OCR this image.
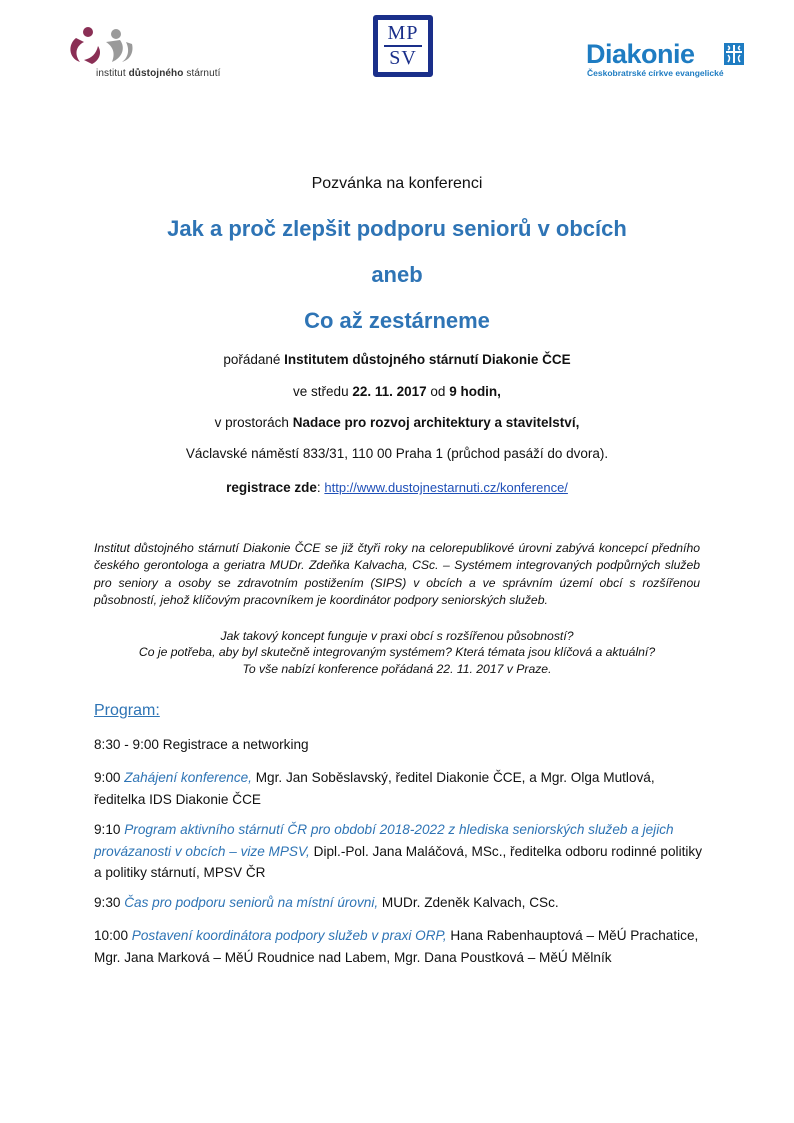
institut důstojného stárnutí
MP
SV	Diakonie
Českobratrské církve evangelické
Pozvánka na konferenci
Jak a proč zlepšit podporu seniorů v obcích
aneb
Co až zestárneme
pořádané Institutem důstojného stárnutí Diakonie ČCE
ve středu 22. 11. 2017 od 9 hodin,
v prostorách Nadace pro rozvoj architektury a stavitelství,
Václavské náměstí 833/31, 110 00 Praha 1 (průchod pasáží do dvora).
registrace zde: http://www.dustojnestarnuti.cz/konference/
Institut důstojného stárnutí Diakonie ČCE se již čtyři roky na celorepublikové úrovni zabývá koncepcí předního českého gerontologa a geriatra MUDr. Zdeňka Kalvacha, CSc. – Systémem integrovaných podpůrných služeb pro seniory a osoby se zdravotním postižením (SIPS) v obcích a ve správním území obcí s rozšířenou působností, jehož klíčovým pracovníkem je koordinátor podpory seniorských služeb.
Jak takový koncept funguje v praxi obcí s rozšířenou působností?
Co je potřeba, aby byl skutečně integrovaným systémem? Která témata jsou klíčová a aktuální?
To vše nabízí konference pořádaná 22. 11. 2017 v Praze.
Program:
8:30 - 9:00 Registrace a networking
9:00 Zahájení konference, Mgr. Jan Soběslavský, ředitel Diakonie ČCE, a Mgr. Olga Mutlová, ředitelka IDS Diakonie ČCE
9:10 Program aktivního stárnutí ČR pro období 2018-2022 z hlediska seniorských služeb a jejich provázanosti v obcích – vize MPSV, Dipl.-Pol. Jana Maláčová, MSc., ředitelka odboru rodinné politiky a politiky stárnutí, MPSV ČR
9:30 Čas pro podporu seniorů na místní úrovni, MUDr. Zdeněk Kalvach, CSc.
10:00 Postavení koordinátora podpory služeb v praxi ORP, Hana Rabenhauptová – MěÚ Prachatice, Mgr. Jana Marková – MěÚ Roudnice nad Labem, Mgr. Dana Poustková – MěÚ Mělník
